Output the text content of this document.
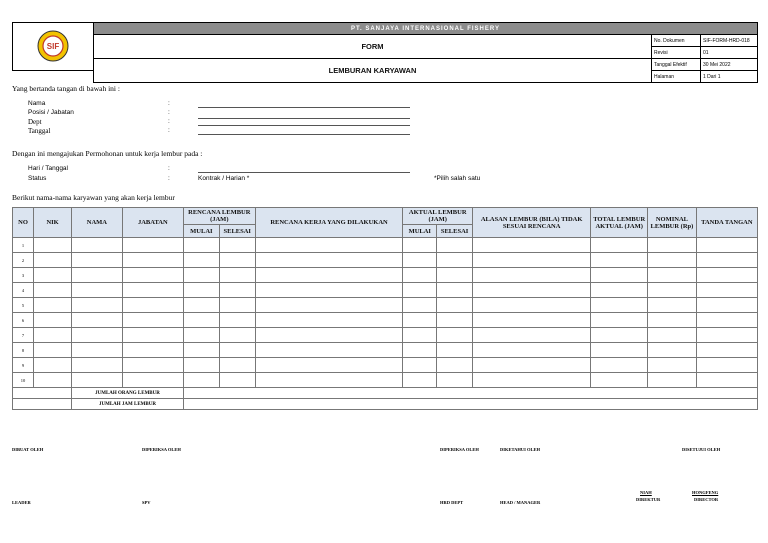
SIF	PT. SANJAYA INTERNASIONAL FISHERY		
	FORM	No. Dokumen	SIF-FORM-HRD-018
		Revisi	01
	LEMBURAN KARYAWAN	Tanggal Efektif	30 Mei 2022
		Halaman	1 Dari 1
Yang bertanda tangan di bawah ini :
Nama	:
Posisi / Jabatan	:
Dept	:
Tanggal	:
Dengan ini mengajukan Permohonan untuk kerja lembur pada :
Hari / Tanggal	:
Status	:	Kontrak / Harian *	*Pilih salah satu
Berikut nama-nama karyawan yang akan kerja lembur
NO	NIK	NAMA	JABATAN	RENCANA LEMBUR (JAM)		RENCANA KERJA YANG DILAKUKAN	AKTUAL LEMBUR (JAM)		ALASAN LEMBUR (BILA) TIDAK SESUAI RENCANA	TOTAL LEMBUR AKTUAL (JAM)	NOMINAL LEMBUR (Rp)	TANDA TANGAN
				MULAI	SELESAI		MULAI	SELESAI				
1												
2												
3												
4												
5												
6												
7												
8												
9												
10												
		JUMLAH ORANG LEMBUR										
		JUMLAH JAM LEMBUR										
DIBUAT OLEH	DIPERIKSA OLEH	DIPERIKSA OLEH	DIKETAHUI OLEH	DISETUJUI OLEH
LEADER	SPV	HRD DEPT	HEAD / MANAGER
NIAH
DIREKTUR
HONGFENG
DIRECTOR
